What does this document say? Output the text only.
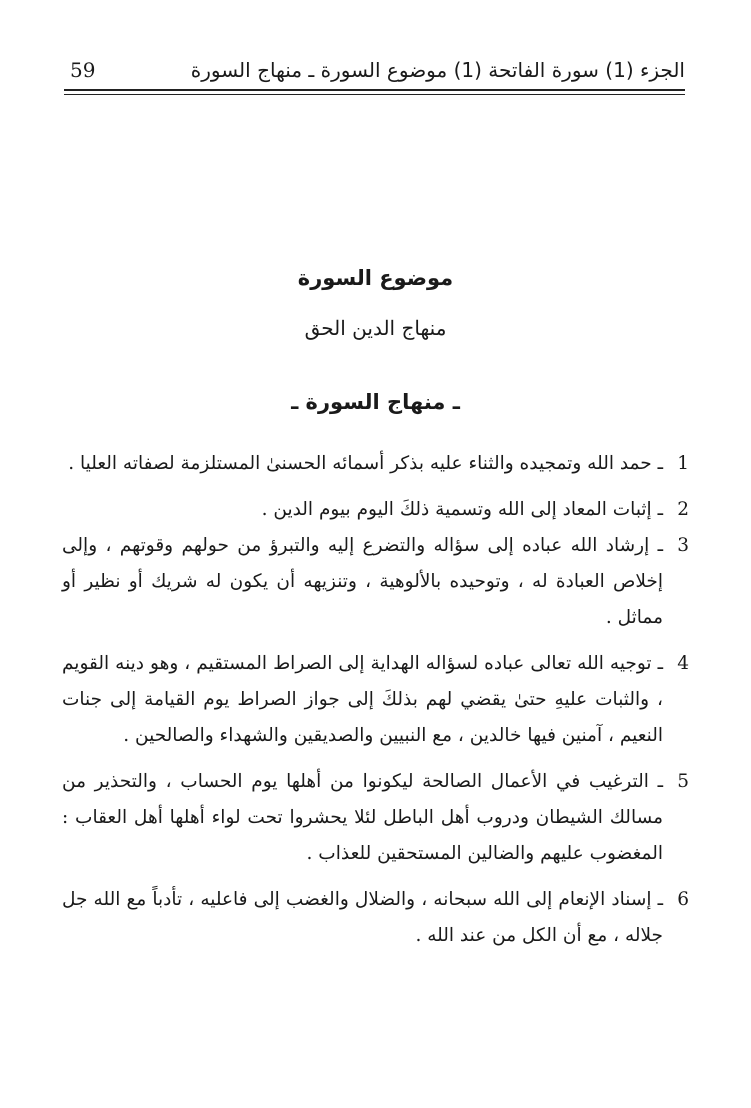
الجزء (1) سورة الفاتحة (1) موضوع السورة ـ منهاج السورة
59
موضوع السورة
منهاج الدين الحق
ـ منهاج السورة ـ
1
ـ حمد الله وتمجيده والثناء عليه بذكر أسمائه الحسنىٰ المستلزمة لصفاته العليا .
2
ـ إثبات المعاد إلى الله وتسمية ذلكَ اليوم بيوم الدين .
3
ـ إرشاد الله عباده إلى سؤاله والتضرع إليه والتبرؤ من حولهم وقوتهم ، وإلى إخلاص العبادة له ، وتوحيده بالألوهية ، وتنزيهه أن يكون له شريك أو نظير أو مماثل .
4
ـ توجيه الله تعالى عباده لسؤاله الهداية إلى الصراط المستقيم ، وهو دينه القويم ، والثبات عليهِ حتىٰ يقضي لهم بذلكَ إلى جواز الصراط يوم القيامة إلى جنات النعيم ، آمنين فيها خالدين ، مع النبيين والصديقين والشهداء والصالحين .
5
ـ الترغيب في الأعمال الصالحة ليكونوا من أهلها يوم الحساب ، والتحذير من مسالك الشيطان ودروب أهل الباطل لئلا يحشروا تحت لواء أهلها أهل العقاب : المغضوب عليهم والضالين المستحقين للعذاب .
6
ـ إسناد الإنعام إلى الله سبحانه ، والضلال والغضب إلى فاعليه ، تأدباً مع الله جل جلاله ، مع أن الكل من عند الله .
